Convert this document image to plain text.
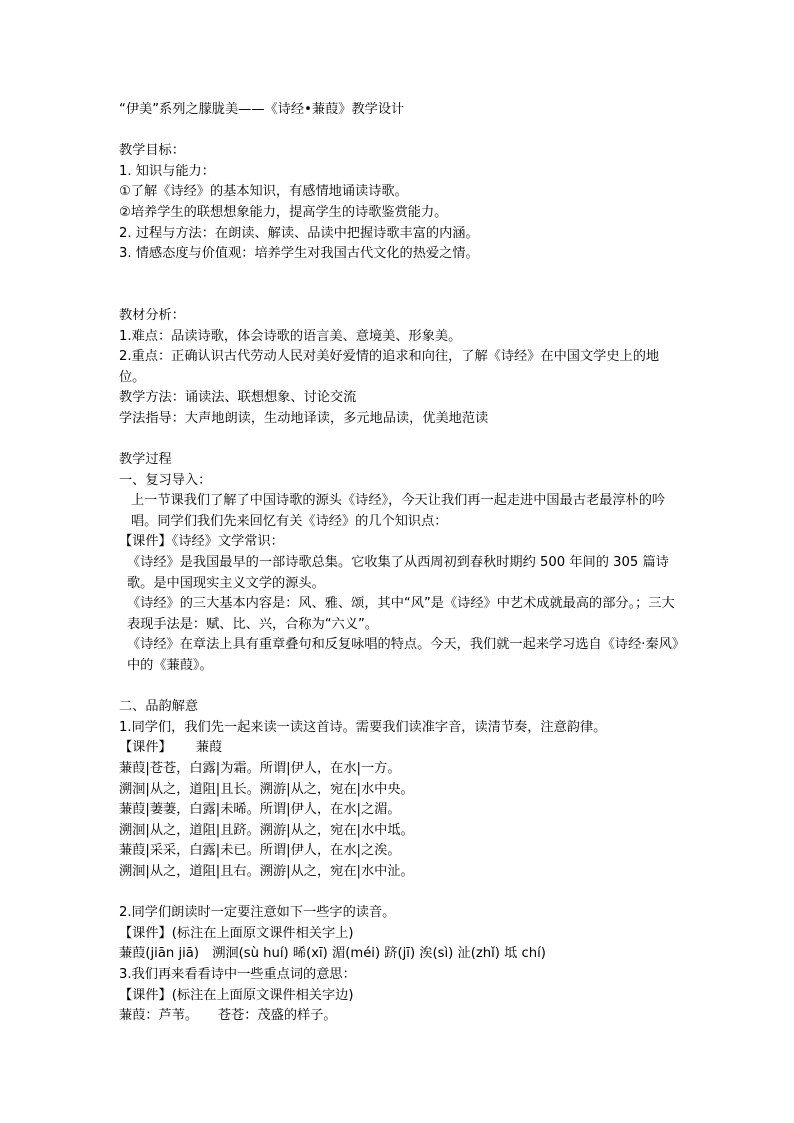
“伊美”系列之朦胧美——《诗经•蒹葭》教学设计
教学目标：
1. 知识与能力：
①了解《诗经》的基本知识，有感情地诵读诗歌。
②培养学生的联想想象能力，提高学生的诗歌鉴赏能力。
2. 过程与方法：在朗读、解读、品读中把握诗歌丰富的内涵。
3. 情感态度与价值观：培养学生对我国古代文化的热爱之情。
教材分析：
1.难点：品读诗歌，体会诗歌的语言美、意境美、形象美。
2.重点：正确认识古代劳动人民对美好爱情的追求和向往，了解《诗经》在中国文学史上的地位。
教学方法：诵读法、联想想象、讨论交流
学法指导：大声地朗读，生动地译读，多元地品读，优美地范读
教学过程
一、复习导入：
上一节课我们了解了中国诗歌的源头《诗经》，今天让我们再一起走进中国最古老最淳朴的吟唱。同学们我们先来回忆有关《诗经》的几个知识点：
【课件】《诗经》文学常识：
《诗经》是我国最早的一部诗歌总集。它收集了从西周初到春秋时期约 500 年间的 305 篇诗歌。是中国现实主义文学的源头。
《诗经》的三大基本内容是：风、雅、颂，其中“风”是《诗经》中艺术成就最高的部分。；三大表现手法是：赋、比、兴，合称为“六义”。
《诗经》在章法上具有重章叠句和反复咏唱的特点。今天，我们就一起来学习选自《诗经·秦风》中的《蒹葭》。
二、品韵解意
1.同学们，我们先一起来读一读这首诗。需要我们读准字音，读清节奏，注意韵律。
【课件】 蒹葭
蒹葭|苍苍，白露|为霜。所谓|伊人，在水|一方。
溯洄|从之，道阻|且长。溯游|从之，宛在|水中央。
蒹葭|萋萋，白露|未晞。所谓|伊人，在水|之湄。
溯洄|从之，道阻|且跻。溯游|从之，宛在|水中坻。
蒹葭|采采，白露|未已。所谓|伊人，在水|之涘。
溯洄|从之，道阻|且右。溯游|从之，宛在|水中沚。
2.同学们朗读时一定要注意如下一些字的读音。
【课件】(标注在上面原文课件相关字上)
蒹葭(jiān jiā)　溯洄(sù huí) 晞(xī) 湄(méi) 跻(jī) 涘(sì) 沚(zhǐ) 坻 chí)
3.我们再来看看诗中一些重点词的意思：
【课件】(标注在上面原文课件相关字边)
蒹葭：芦苇。　　苍苍：茂盛的样子。
